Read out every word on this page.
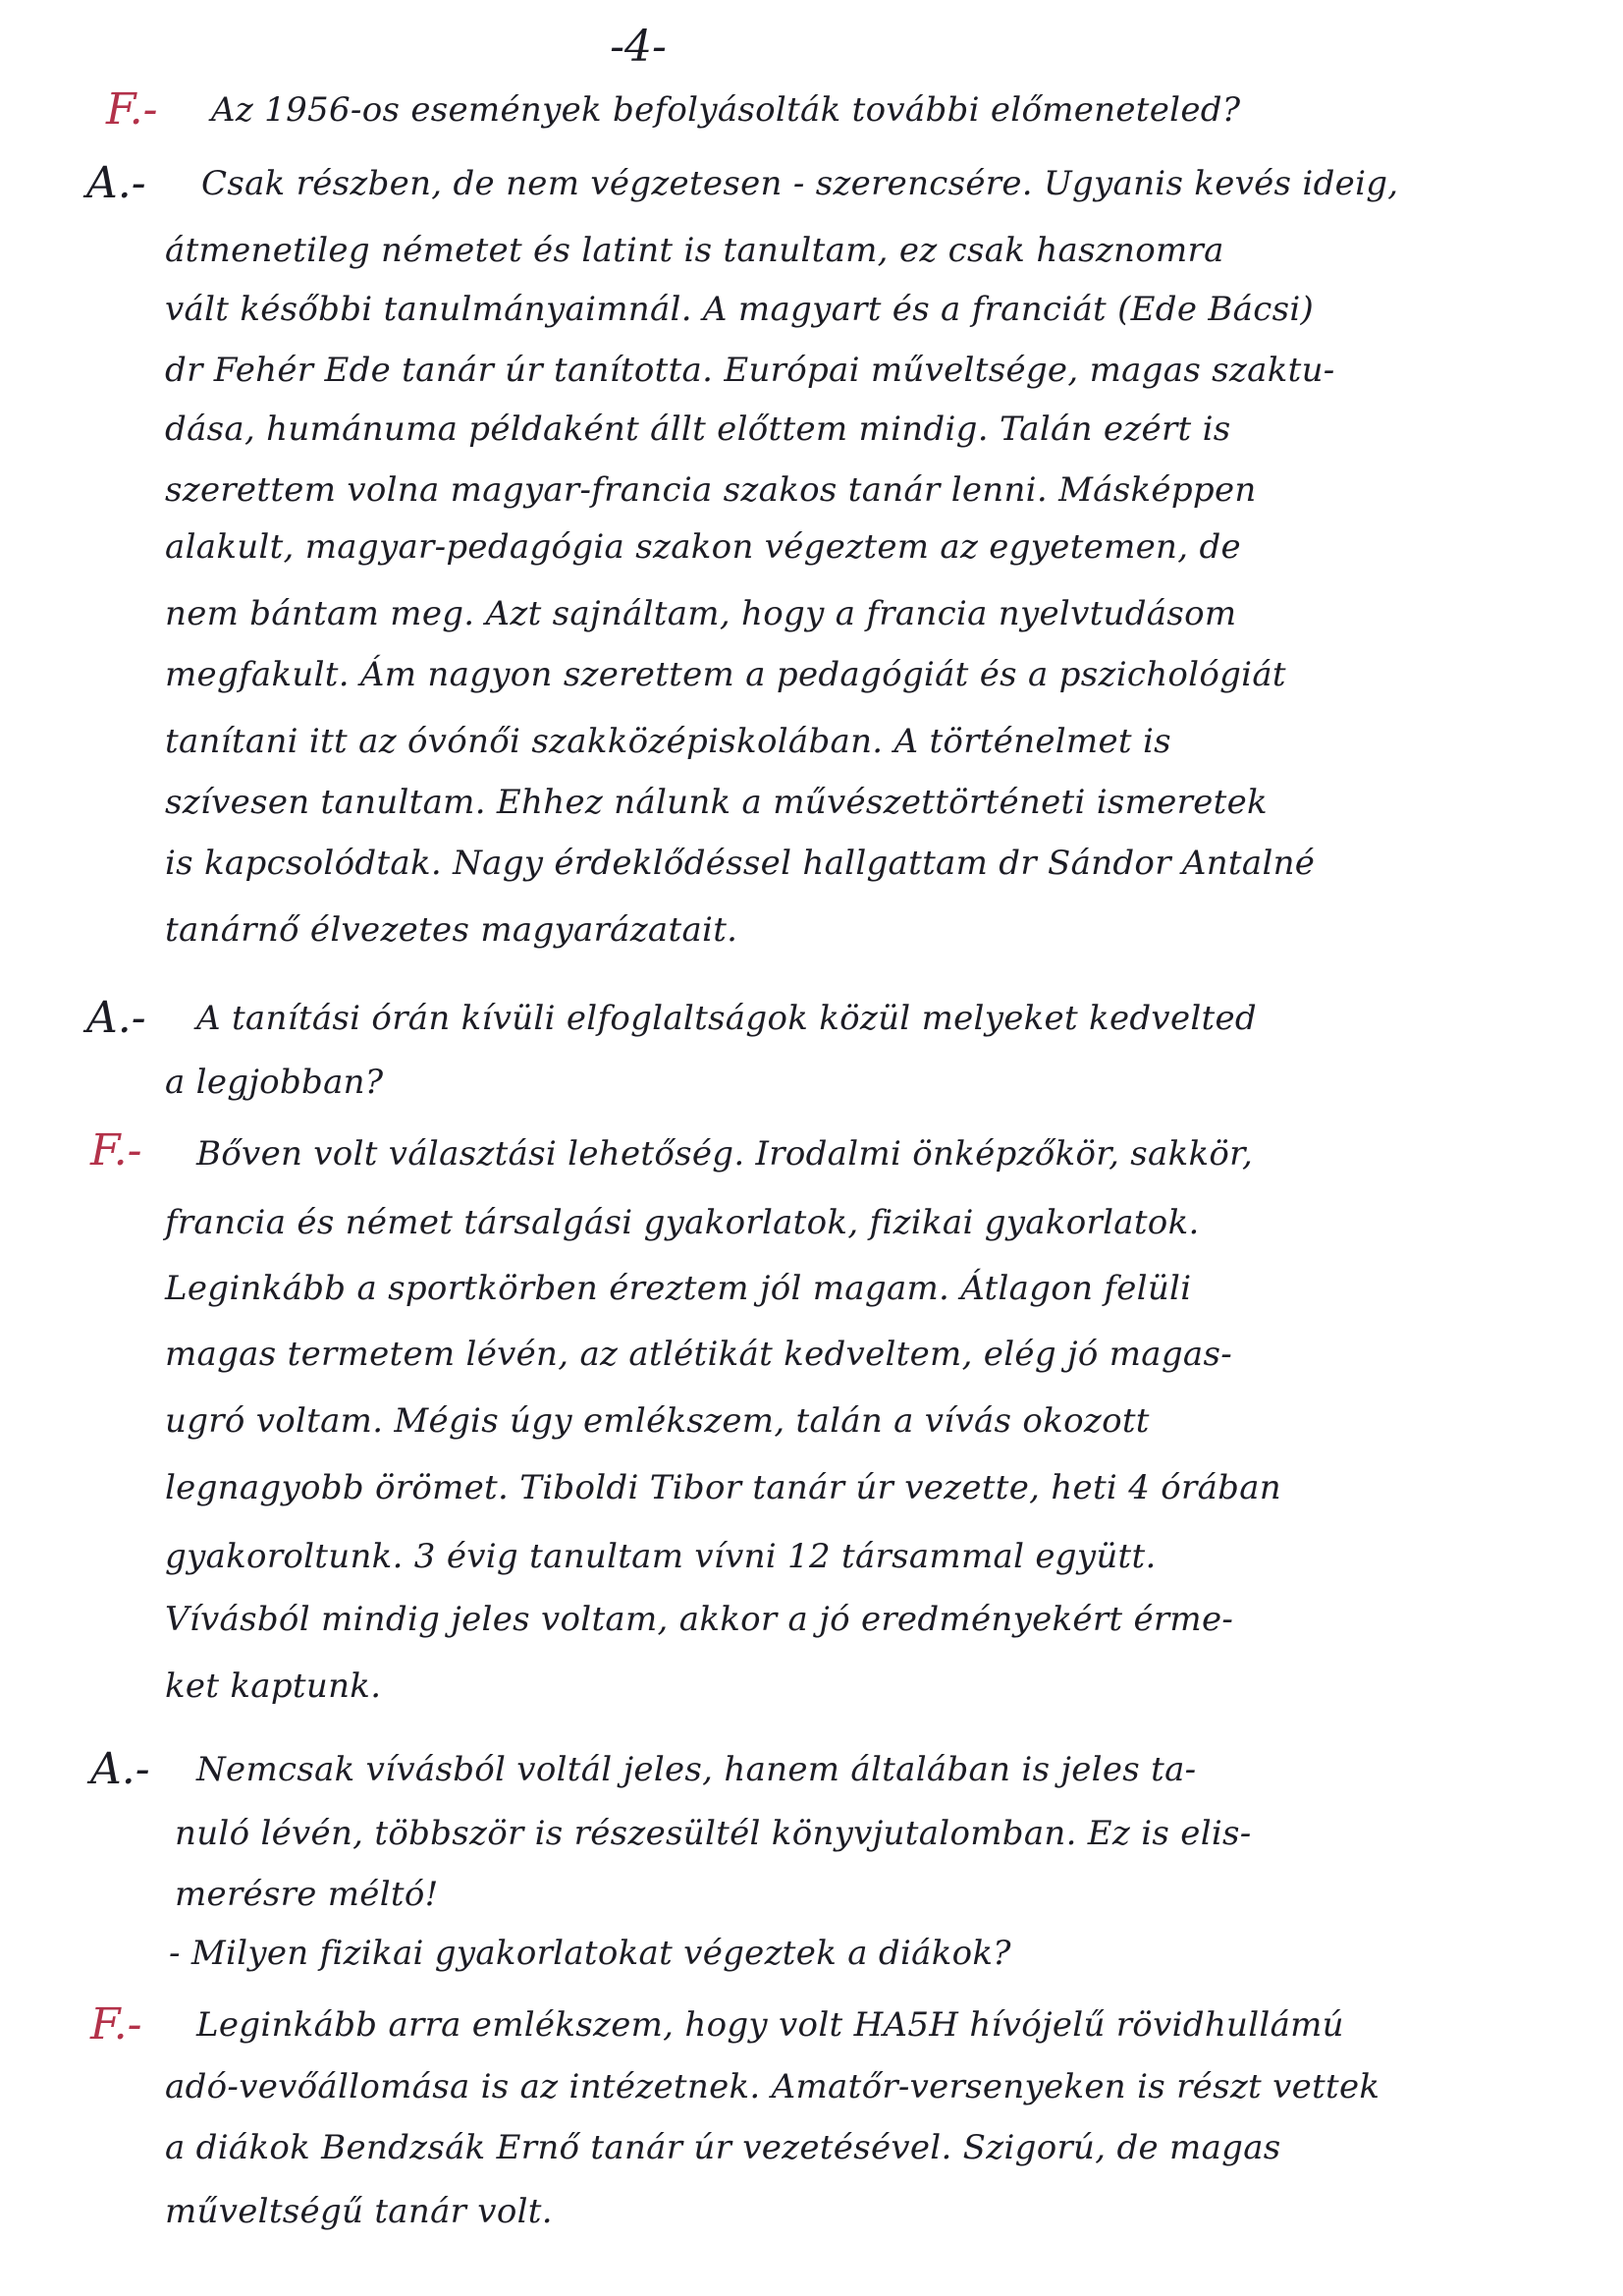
-4-
F.- Az 1956-os események befolyásolták további előmeneteled?
A.- Csak részben, de nem végzetesen - szerencsére. Ugyanis kevés ideig,
átmenetileg németet és latint is tanultam, ez csak hasznomra
vált későbbi tanulmányaimnál. A magyart és a franciát (Ede Bácsi)
dr Fehér Ede tanár úr tanította. Európai műveltsége, magas szaktu-
dása, humánuma példaként állt előttem mindig. Talán ezért is
szerettem volna magyar-francia szakos tanár lenni. Másképpen
alakult, magyar-pedagógia szakon végeztem az egyetemen, de
nem bántam meg. Azt sajnáltam, hogy a francia nyelvtudásom
megfakult. Ám nagyon szerettem a pedagógiát és a pszichológiát
tanítani itt az óvónői szakközépiskolában. A történelmet is
szívesen tanultam. Ehhez nálunk a művészettörténeti ismeretek
is kapcsolódtak. Nagy érdeklődéssel hallgattam dr Sándor Antalné
tanárnő élvezetes magyarázatait.
A.- A tanítási órán kívüli elfoglaltságok közül melyeket kedvelted
a legjobban?
F.- Bőven volt választási lehetőség. Irodalmi önképzőkör, sakkör,
francia és német társalgási gyakorlatok, fizikai gyakorlatok.
Leginkább a sportkörben éreztem jól magam. Átlagon felüli
magas termetem lévén, az atlétikát kedveltem, elég jó magas-
ugró voltam. Mégis úgy emlékszem, talán a vívás okozott
legnagyobb örömet. Tiboldi Tibor tanár úr vezette, heti 4 órában
gyakoroltunk. 3 évig tanultam vívni 12 társammal együtt.
Vívásból mindig jeles voltam, akkor a jó eredményekért érme-
ket kaptunk.
A.- Nemcsak vívásból voltál jeles, hanem általában is jeles ta-
nuló lévén, többször is részesültél könyvjutalomban. Ez is elis-
merésre méltó!
- Milyen fizikai gyakorlatokat végeztek a diákok?
F.- Leginkább arra emlékszem, hogy volt HA5H hívójelű rövidhullámú
adó-vevőállomása is az intézetnek. Amatőr-versenyeken is részt vettek
a diákok Bendzsák Ernő tanár úr vezetésével. Szigorú, de magas
műveltségű tanár volt.
